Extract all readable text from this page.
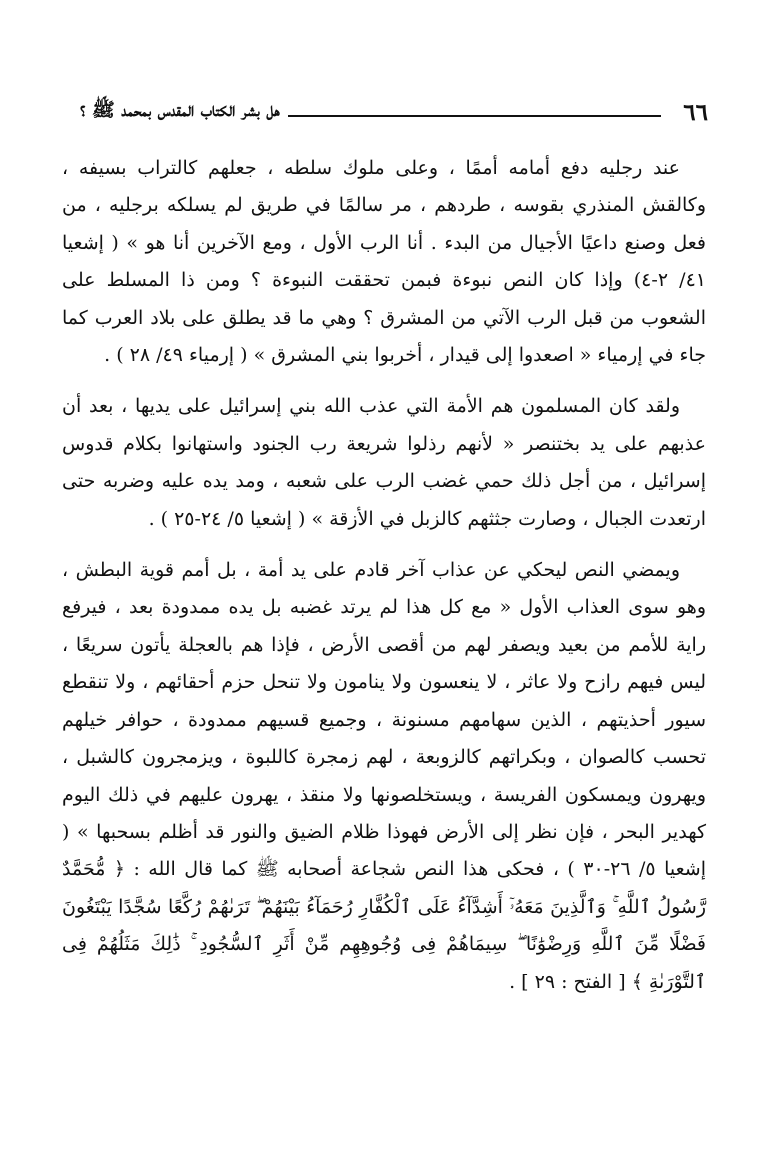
٦٦
هل بشر الكتاب المقدس بمحمد ﷺ ؟

عند رجليه دفع أمامه أممًا ، وعلى ملوك سلطه ، جعلهم كالتراب بسيفه ، وكالقش المنذري بقوسه ، طردهم ، مر سالمًا في طريق لم يسلكه برجليه ، من فعل وصنع داعيًا الأجيال من البدء . أنا الرب الأول ، ومع الآخرين أنا هو » ( إشعيا ٤١/ ٢-٤) وإذا كان النص نبوءة فبمن تحققت النبوءة ؟ ومن ذا المسلط على الشعوب من قبل الرب الآتي من المشرق ؟ وهي ما قد يطلق على بلاد العرب كما جاء في إرمياء « اصعدوا إلى قيدار ، أخربوا بني المشرق » ( إرمياء ٤٩/ ٢٨ ) .

ولقد كان المسلمون هم الأمة التي عذب الله بني إسرائيل على يديها ، بعد أن عذبهم على يد بختنصر « لأنهم رذلوا شريعة رب الجنود واستهانوا بكلام قدوس إسرائيل ، من أجل ذلك حمي غضب الرب على شعبه ، ومد يده عليه وضربه حتى ارتعدت الجبال ، وصارت جثثهم كالزبل في الأزقة » ( إشعيا ٥/ ٢٤-٢٥ ) .

ويمضي النص ليحكي عن عذاب آخر قادم على يد أمة ، بل أمم قوية البطش ، وهو سوى العذاب الأول « مع كل هذا لم يرتد غضبه بل يده ممدودة بعد ، فيرفع راية للأمم من بعيد ويصفر لهم من أقصى الأرض ، فإذا هم بالعجلة يأتون سريعًا ، ليس فيهم رازح ولا عاثر ، لا ينعسون ولا ينامون ولا تنحل حزم أحقائهم ، ولا تنقطع سيور أحذيتهم ، الذين سهامهم مسنونة ، وجميع قسيهم ممدودة ، حوافر خيلهم تحسب كالصوان ، وبكراتهم كالزوبعة ، لهم زمجرة كاللبوة ، ويزمجرون كالشبل ، ويهرون ويمسكون الفريسة ، ويستخلصونها ولا منقذ ، يهرون عليهم في ذلك اليوم كهدير البحر ، فإن نظر إلى الأرض فهوذا ظلام الضيق والنور قد أظلم بسحبها » ( إشعيا ٥/ ٢٦-٣٠ ) ، فحكى هذا النص شجاعة أصحابه ﷺ كما قال الله : ﴿ مُّحَمَّدٌ رَّسُولُ ٱللَّهِ ۚ وَٱلَّذِينَ مَعَهُۥٓ أَشِدَّآءُ عَلَى ٱلْكُفَّارِ رُحَمَآءُ بَيْنَهُمْ ۖ تَرَىٰهُمْ رُكَّعًا سُجَّدًا يَبْتَغُونَ فَضْلًا مِّنَ ٱللَّهِ وَرِضْوَٰنًا ۖ سِيمَاهُمْ فِى وُجُوهِهِم مِّنْ أَثَرِ ٱلسُّجُودِ ۚ ذَٰلِكَ مَثَلُهُمْ فِى ٱلتَّوْرَىٰةِ ﴾ [ الفتح : ٢٩ ] .
